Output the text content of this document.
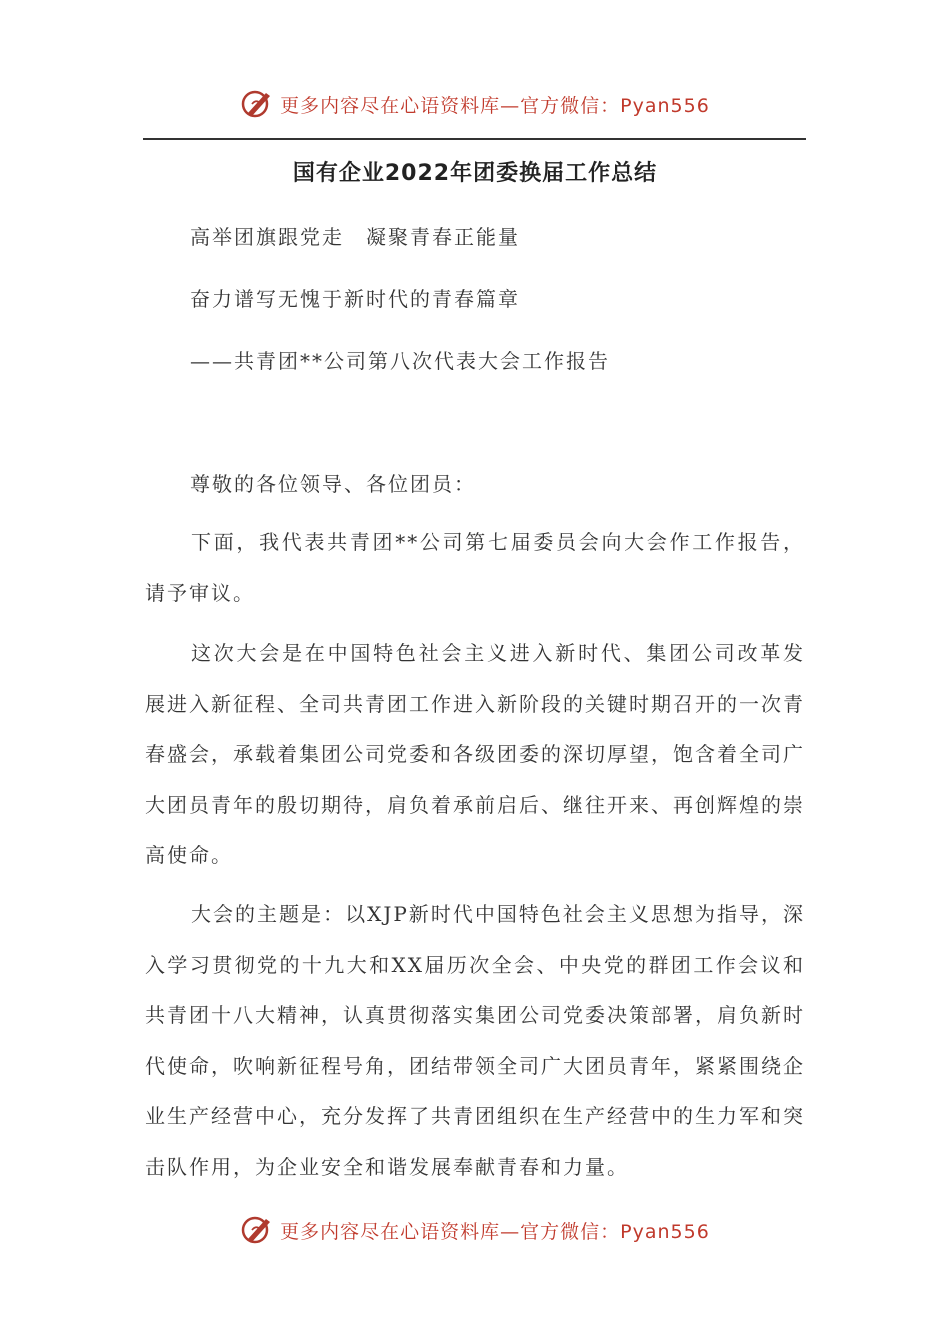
更多内容尽在心语资料库—官方微信：Pyan556
国有企业2022年团委换届工作总结
高举团旗跟党走　凝聚青春正能量
奋力谱写无愧于新时代的青春篇章
——共青团**公司第八次代表大会工作报告
尊敬的各位领导、各位团员：
下面，我代表共青团**公司第七届委员会向大会作工作报告，请予审议。
这次大会是在中国特色社会主义进入新时代、集团公司改革发展进入新征程、全司共青团工作进入新阶段的关键时期召开的一次青春盛会，承载着集团公司党委和各级团委的深切厚望，饱含着全司广大团员青年的殷切期待，肩负着承前启后、继往开来、再创辉煌的崇高使命。
大会的主题是：以XJP新时代中国特色社会主义思想为指导，深入学习贯彻党的十九大和XX届历次全会、中央党的群团工作会议和共青团十八大精神，认真贯彻落实集团公司党委决策部署，肩负新时代使命，吹响新征程号角，团结带领全司广大团员青年，紧紧围绕企业生产经营中心，充分发挥了共青团组织在生产经营中的生力军和突击队作用，为企业安全和谐发展奉献青春和力量。
更多内容尽在心语资料库—官方微信：Pyan556
